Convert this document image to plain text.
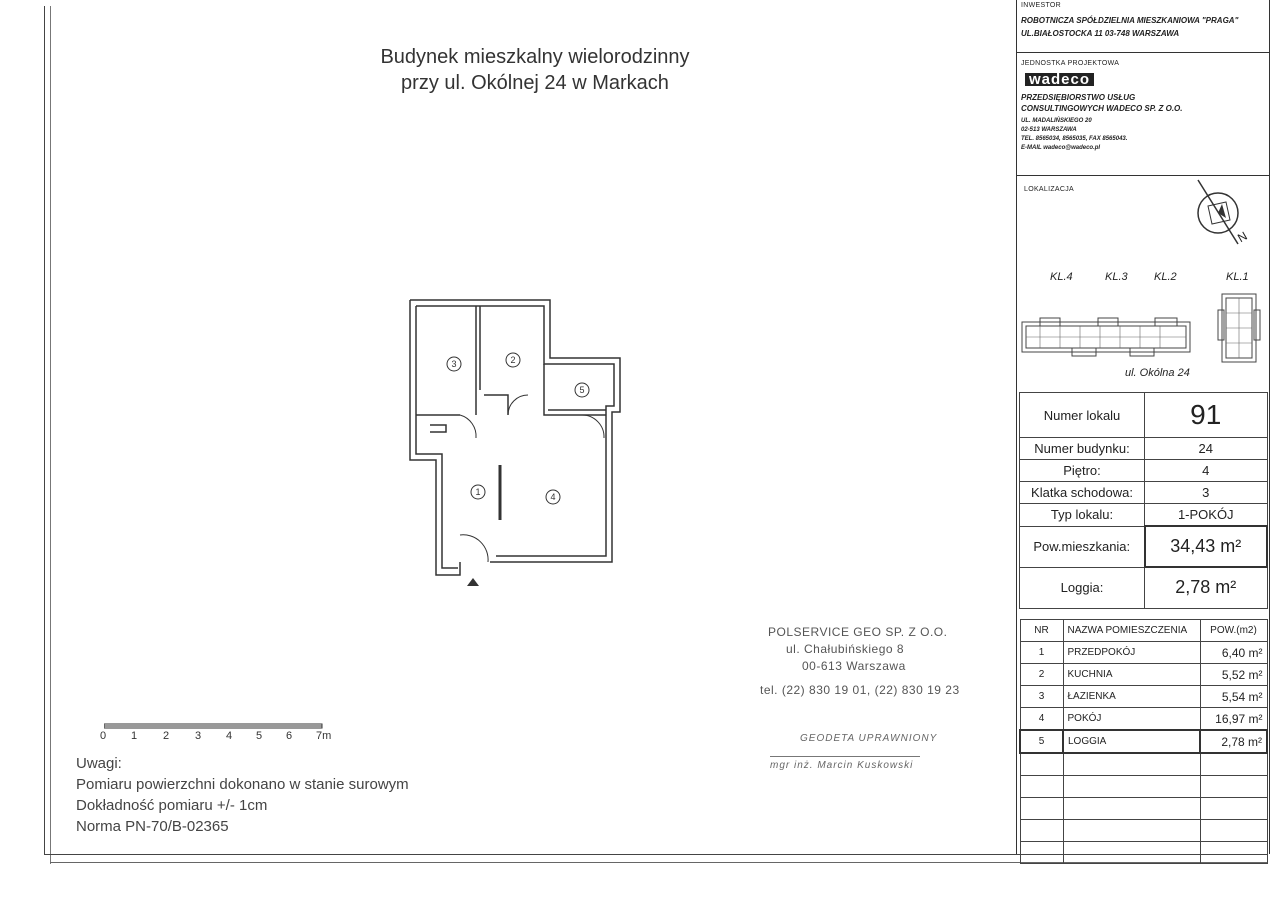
Budynek mieszkalny wielorodzinny
przy ul. Okólnej 24 w Markach
1
2
3
4
5
0 1 2 3 4 5 6 7m
Uwagi:
Pomiaru powierzchni dokonano w stanie surowym
Dokładność pomiaru +/- 1cm
Norma PN-70/B-02365
POLSERVICE GEO SP. Z O.O.
ul. Chałubińskiego 8
00-613 Warszawa
tel. (22) 830 19 01, (22) 830 19 23
GEODETA UPRAWNIONY
mgr inż. Marcin Kuskowski
INWESTOR
ROBOTNICZA SPÓŁDZIELNIA MIESZKANIOWA "PRAGA"
UL.BIAŁOSTOCKA 11 03-748 WARSZAWA
JEDNOSTKA PROJEKTOWA
wadeco
PRZEDSIĘBIORSTWO USŁUG
CONSULTINGOWYCH WADECO SP. Z O.O.
UL. MADALIŃSKIEGO 20
02-513 WARSZAWA
TEL. 8565034, 8565035, FAX 8565043.
E-MAIL wadeco@wadeco.pl
LOKALIZACJA
N
KL.4	KL.3 KL.2	KL.1
ul. Okólna 24
Numer lokalu	91
Numer budynku:	24
Piętro:	4
Klatka schodowa:	3
Typ lokalu:	1-POKÓJ
Pow.mieszkania:	34,43 m²
Loggia:	2,78 m²
NR	NAZWA POMIESZCZENIA	POW.(m2)
1	PRZEDPOKÓJ	6,40 m²
2	KUCHNIA	5,52 m²
3	ŁAZIENKA	5,54 m²
4	POKÓJ	16,97 m²
5	LOGGIA	2,78 m²
